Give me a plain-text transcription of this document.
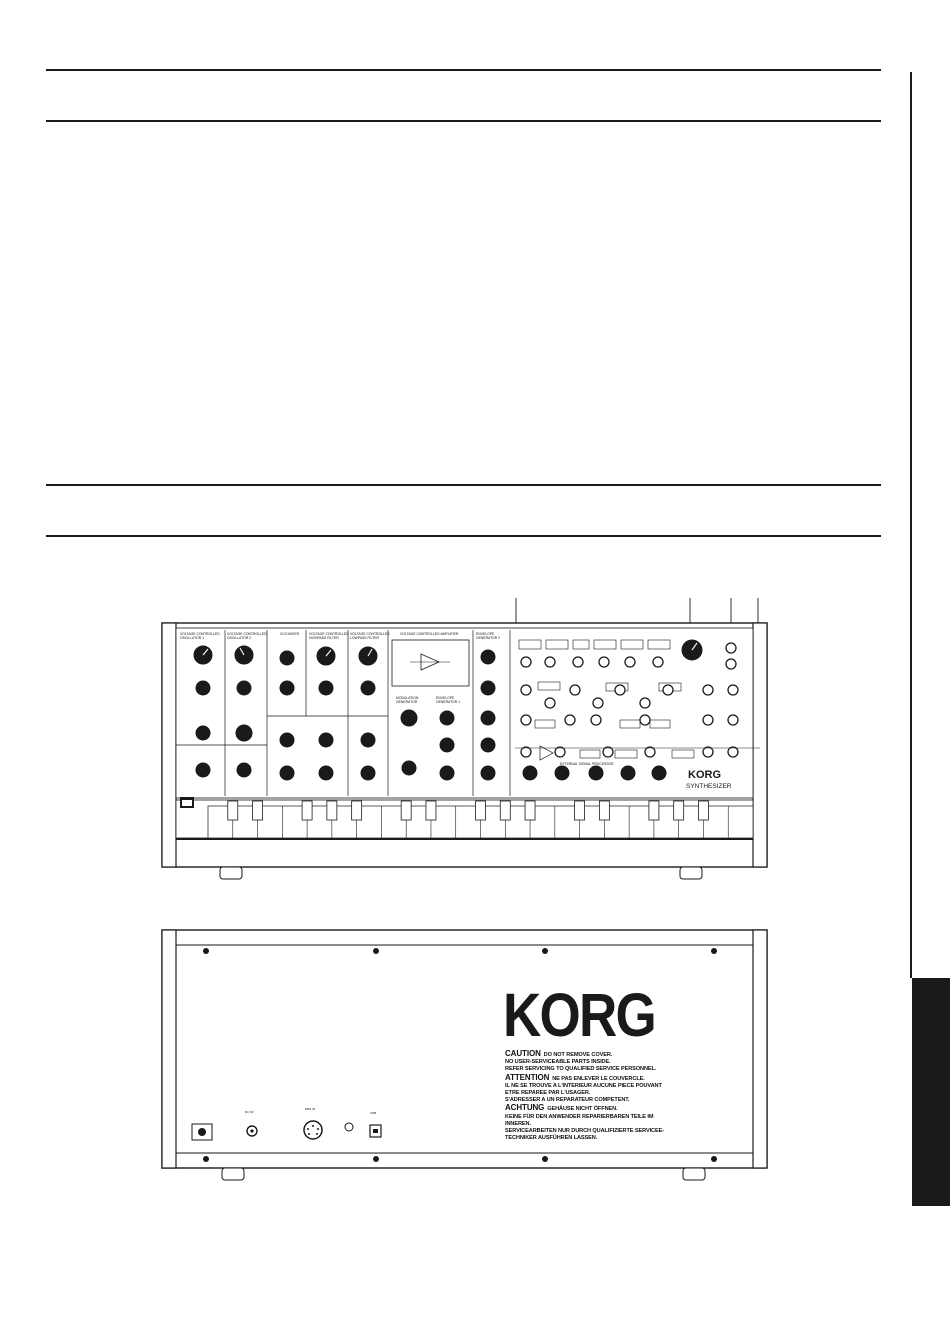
VOLTAGE CONTROLLED
OSCILLATOR 1
VOLTAGE CONTROLLED
OSCILLATOR 2
VCO MIXER	VOLTAGE CONTROLLED
HIGHPASS FILTER
VOLTAGE CONTROLLED
LOWPASS FILTER
VOLTAGE CONTROLLED AMPLIFIER	ENVELOPE
GENERATOR 2
MODULATION
GENERATOR
ENVELOPE
GENERATOR 1
EXTERNAL SIGNAL PROCESSOR
KORG
SYNTHESIZER
DC 9V
MIDI IN
USB
KORG
CAUTION DO NOT REMOVE COVER.
NO USER-SERVICEABLE PARTS INSIDE.
REFER SERVICING TO QUALIFIED SERVICE PERSONNEL.
ATTENTION NE PAS ENLEVER LE COUVERCLE.
IL NE SE TROUVE A L'INTERIEUR AUCUNE PIECE POUVANT
ETRE REPAREE PAR L'USAGER.
S'ADRESSER A UN REPARATEUR COMPETENT.
ACHTUNG GEHÄUSE NICHT ÖFFNEN.
KEINE FÜR DEN ANWENDER REPARIERBAREN TEILE IM
INNEREN.
SERVICEARBEITEN NUR DURCH QUALIFIZIERTE SERVICEE-
TECHNIKER AUSFÜHREN LASSEN.
